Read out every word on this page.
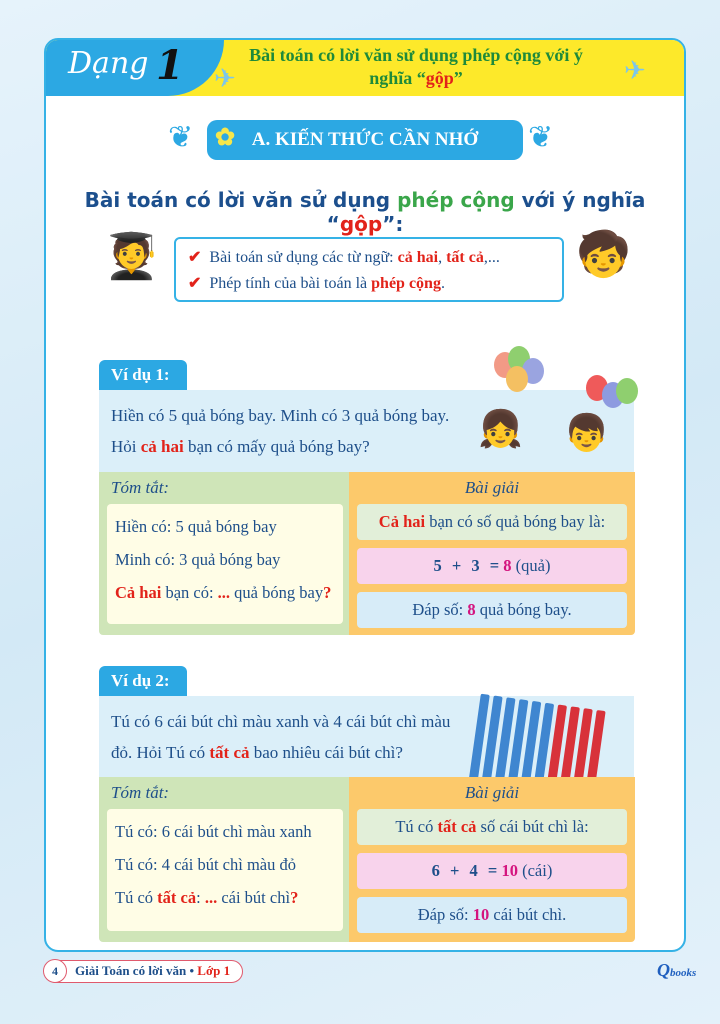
Dạng 1 ✈	✈
Bài toán có lời văn sử dụng phép cộng với ý nghĩa “gộp”
❦	❦
✿ A. KIẾN THỨC CẦN NHỚ
Bài toán có lời văn sử dụng phép cộng với ý nghĩa “gộp”:
🧑‍🎓 ✔ Bài toán sử dụng các từ ngữ: cả hai, tất cả,...
✔ Phép tính của bài toán là phép cộng.
🧒
Ví dụ 1:
Hiền có 5 quả bóng bay. Minh có 3 quả bóng bay.
Hỏi cả hai bạn có mấy quả bóng bay?	👧 👦
Tóm tắt:
Hiền có: 5 quả bóng bay
Minh có: 3 quả bóng bay
Cả hai bạn có: ... quả bóng bay?
Bài giải
Cả hai bạn có số quả bóng bay là:
5 + 3 = 8 (quả)
Đáp số: 8 quả bóng bay.
Ví dụ 2:
Tú có 6 cái bút chì màu xanh và 4 cái bút chì màu
đỏ. Hỏi Tú có tất cả bao nhiêu cái bút chì?
Tóm tắt:
Tú có: 6 cái bút chì màu xanh
Tú có: 4 cái bút chì màu đỏ
Tú có tất cả: ... cái bút chì?
Bài giải
Tú có tất cả số cái bút chì là:
6 + 4 = 10 (cái)
Đáp số: 10 cái bút chì.
4	Giải Toán có lời văn • Lớp 1	Qbooks
